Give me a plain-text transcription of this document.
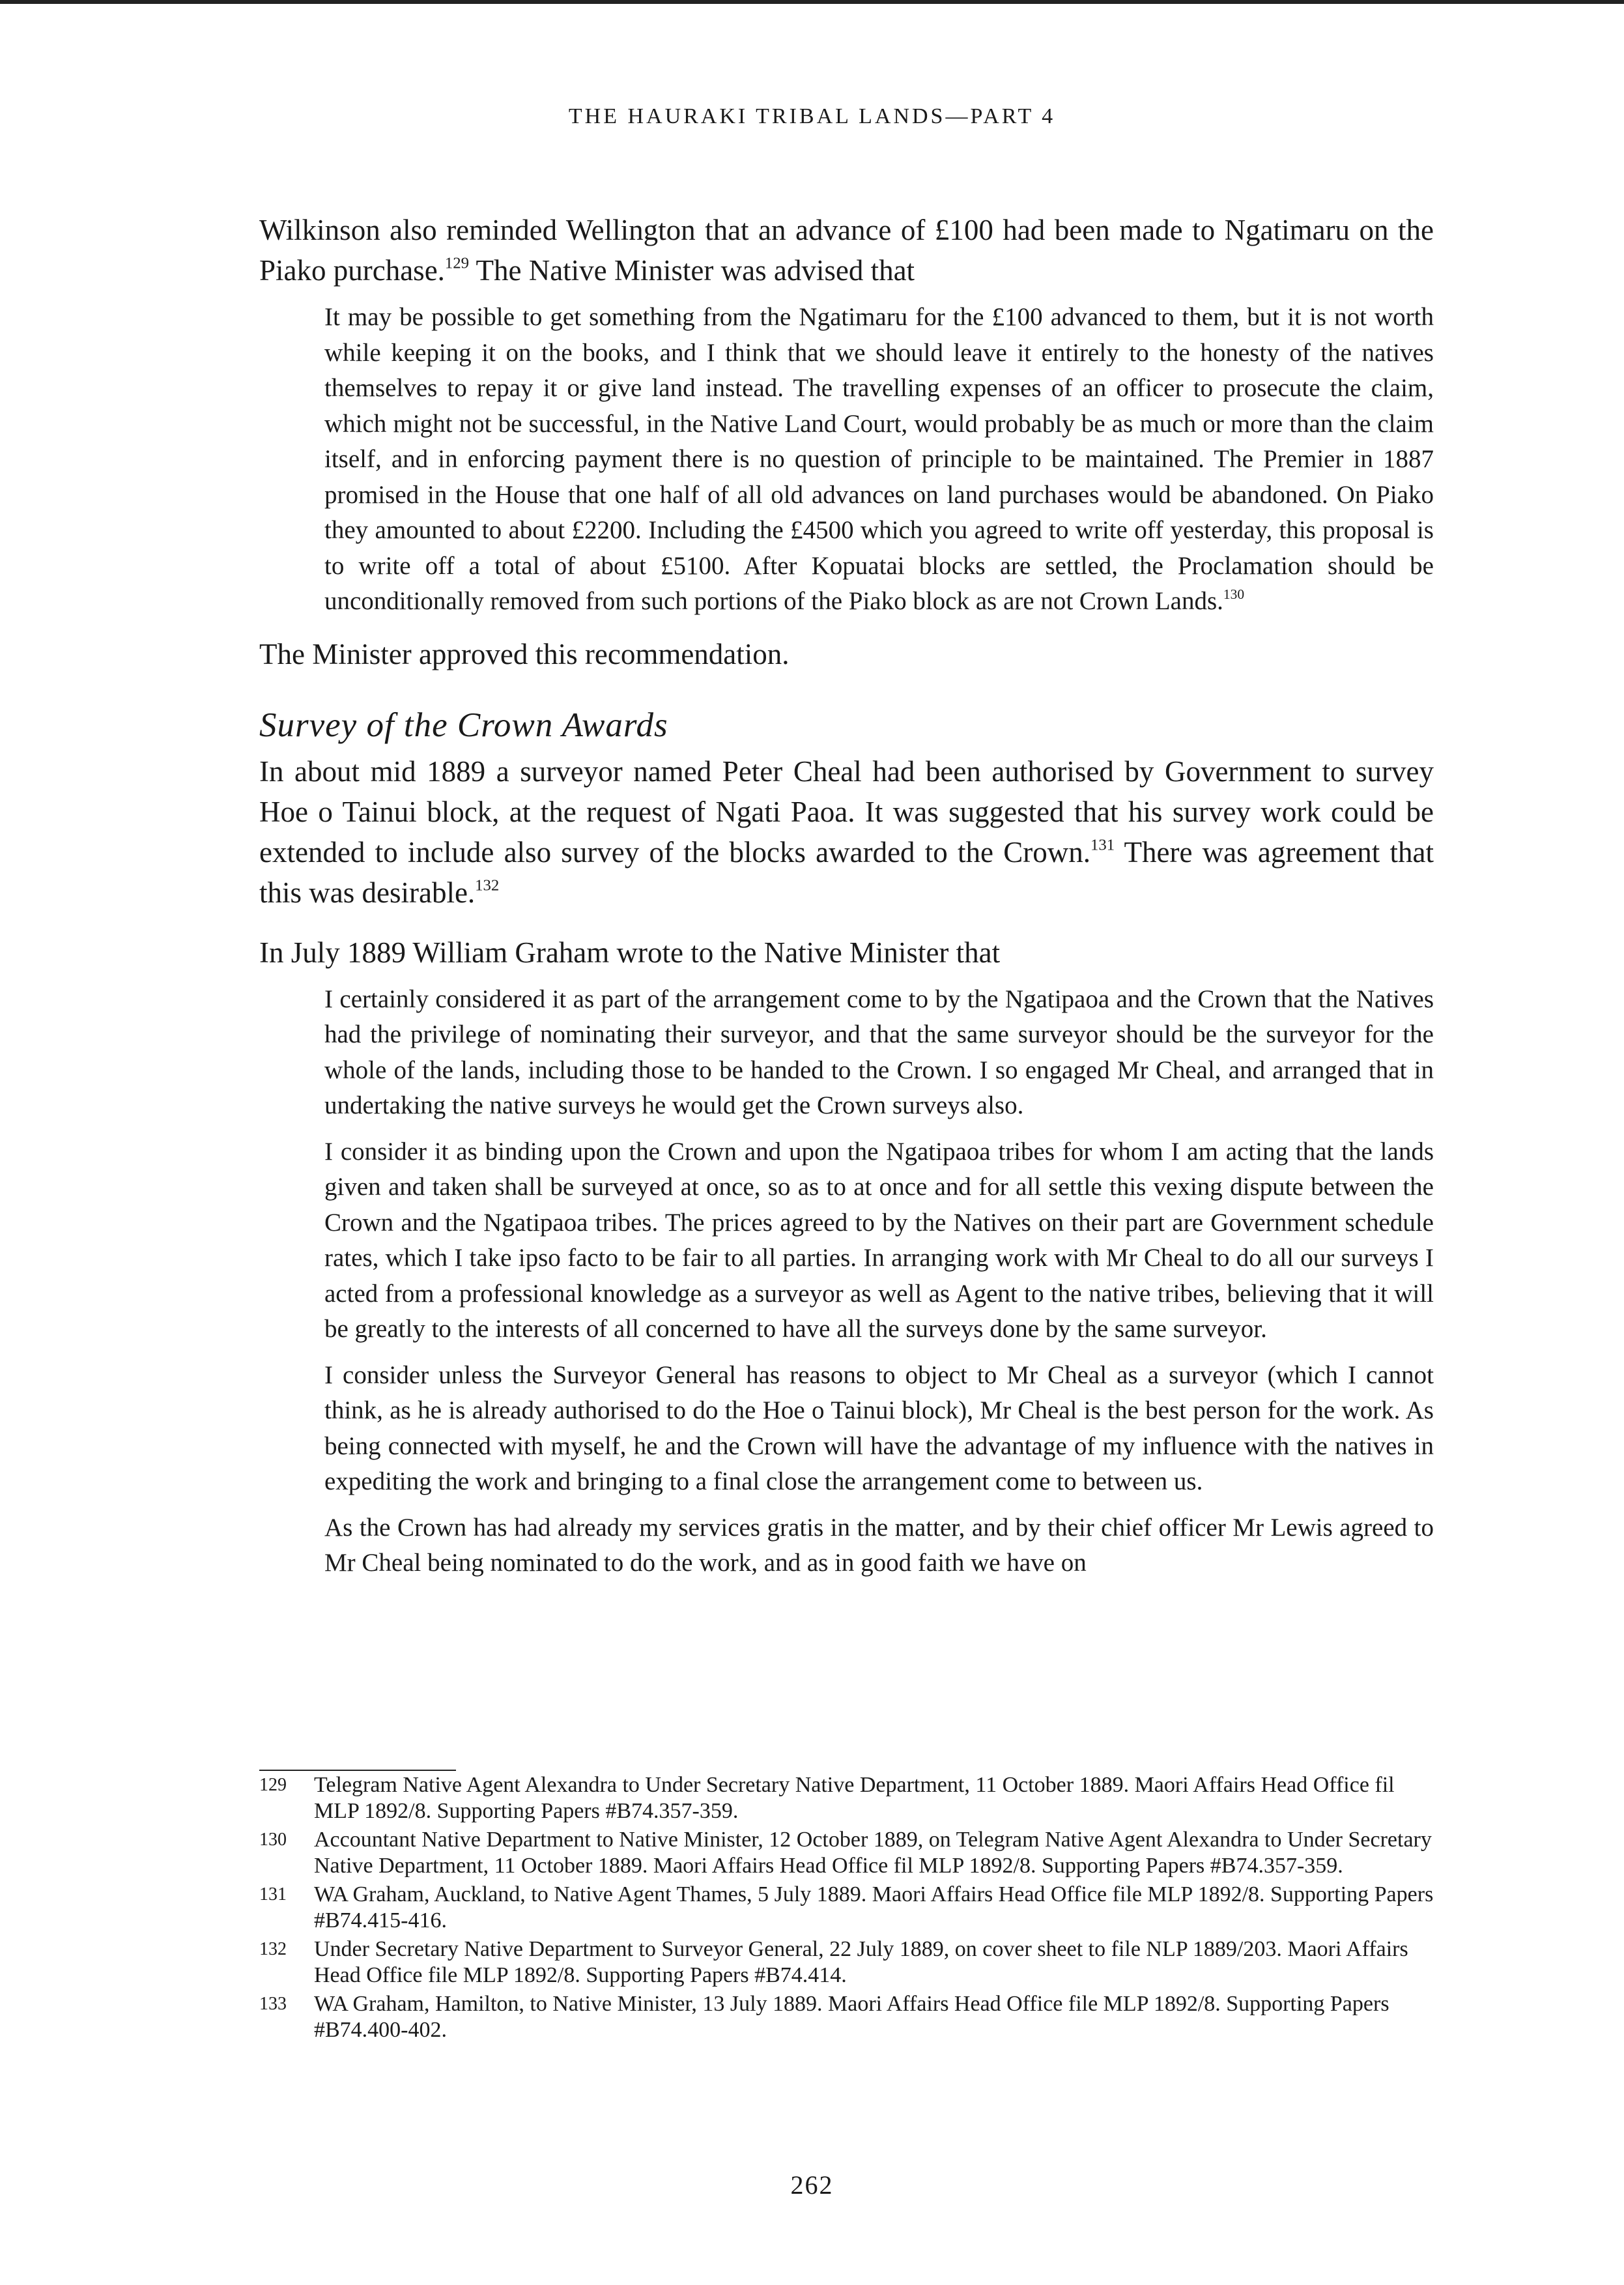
THE HAURAKI TRIBAL LANDS—PART 4

Wilkinson also reminded Wellington that an advance of £100 had been made to Ngatimaru on the Piako purchase.$^{129}$ The Native Minister was advised that

It may be possible to get something from the Ngatimaru for the £100 advanced to them, but it is not worth while keeping it on the books, and I think that we should leave it entirely to the honesty of the natives themselves to repay it or give land instead. The travelling expenses of an officer to prosecute the claim, which might not be successful, in the Native Land Court, would probably be as much or more than the claim itself, and in enforcing payment there is no question of principle to be maintained. The Premier in 1887 promised in the House that one half of all old advances on land purchases would be abandoned. On Piako they amounted to about £2200. Including the £4500 which you agreed to write off yesterday, this proposal is to write off a total of about £5100. After Kopuatai blocks are settled, the Proclamation should be unconditionally removed from such portions of the Piako block as are not Crown Lands.$^{130}$

The Minister approved this recommendation.

Survey of the Crown Awards

In about mid 1889 a surveyor named Peter Cheal had been authorised by Government to survey Hoe o Tainui block, at the request of Ngati Paoa. It was suggested that his survey work could be extended to include also survey of the blocks awarded to the Crown.$^{131}$ There was agreement that this was desirable.$^{132}$

In July 1889 William Graham wrote to the Native Minister that

I certainly considered it as part of the arrangement come to by the Ngatipaoa and the Crown that the Natives had the privilege of nominating their surveyor, and that the same surveyor should be the surveyor for the whole of the lands, including those to be handed to the Crown. I so engaged Mr Cheal, and arranged that in undertaking the native surveys he would get the Crown surveys also.

I consider it as binding upon the Crown and upon the Ngatipaoa tribes for whom I am acting that the lands given and taken shall be surveyed at once, so as to at once and for all settle this vexing dispute between the Crown and the Ngatipaoa tribes. The prices agreed to by the Natives on their part are Government schedule rates, which I take ipso facto to be fair to all parties. In arranging work with Mr Cheal to do all our surveys I acted from a professional knowledge as a surveyor as well as Agent to the native tribes, believing that it will be greatly to the interests of all concerned to have all the surveys done by the same surveyor.

I consider unless the Surveyor General has reasons to object to Mr Cheal as a surveyor (which I cannot think, as he is already authorised to do the Hoe o Tainui block), Mr Cheal is the best person for the work. As being connected with myself, he and the Crown will have the advantage of my influence with the natives in expediting the work and bringing to a final close the arrangement come to between us.

As the Crown has had already my services gratis in the matter, and by their chief officer Mr Lewis agreed to Mr Cheal being nominated to do the work, and as in good faith we have on

129 Telegram Native Agent Alexandra to Under Secretary Native Department, 11 October 1889. Maori Affairs Head Office fil MLP 1892/8. Supporting Papers #B74.357-359.
130 Accountant Native Department to Native Minister, 12 October 1889, on Telegram Native Agent Alexandra to Under Secretary Native Department, 11 October 1889. Maori Affairs Head Office fil MLP 1892/8. Supporting Papers #B74.357-359.
131 WA Graham, Auckland, to Native Agent Thames, 5 July 1889. Maori Affairs Head Office file MLP 1892/8. Supporting Papers #B74.415-416.
132 Under Secretary Native Department to Surveyor General, 22 July 1889, on cover sheet to file NLP 1889/203. Maori Affairs Head Office file MLP 1892/8. Supporting Papers #B74.414.
133 WA Graham, Hamilton, to Native Minister, 13 July 1889. Maori Affairs Head Office file MLP 1892/8. Supporting Papers #B74.400-402.
262
